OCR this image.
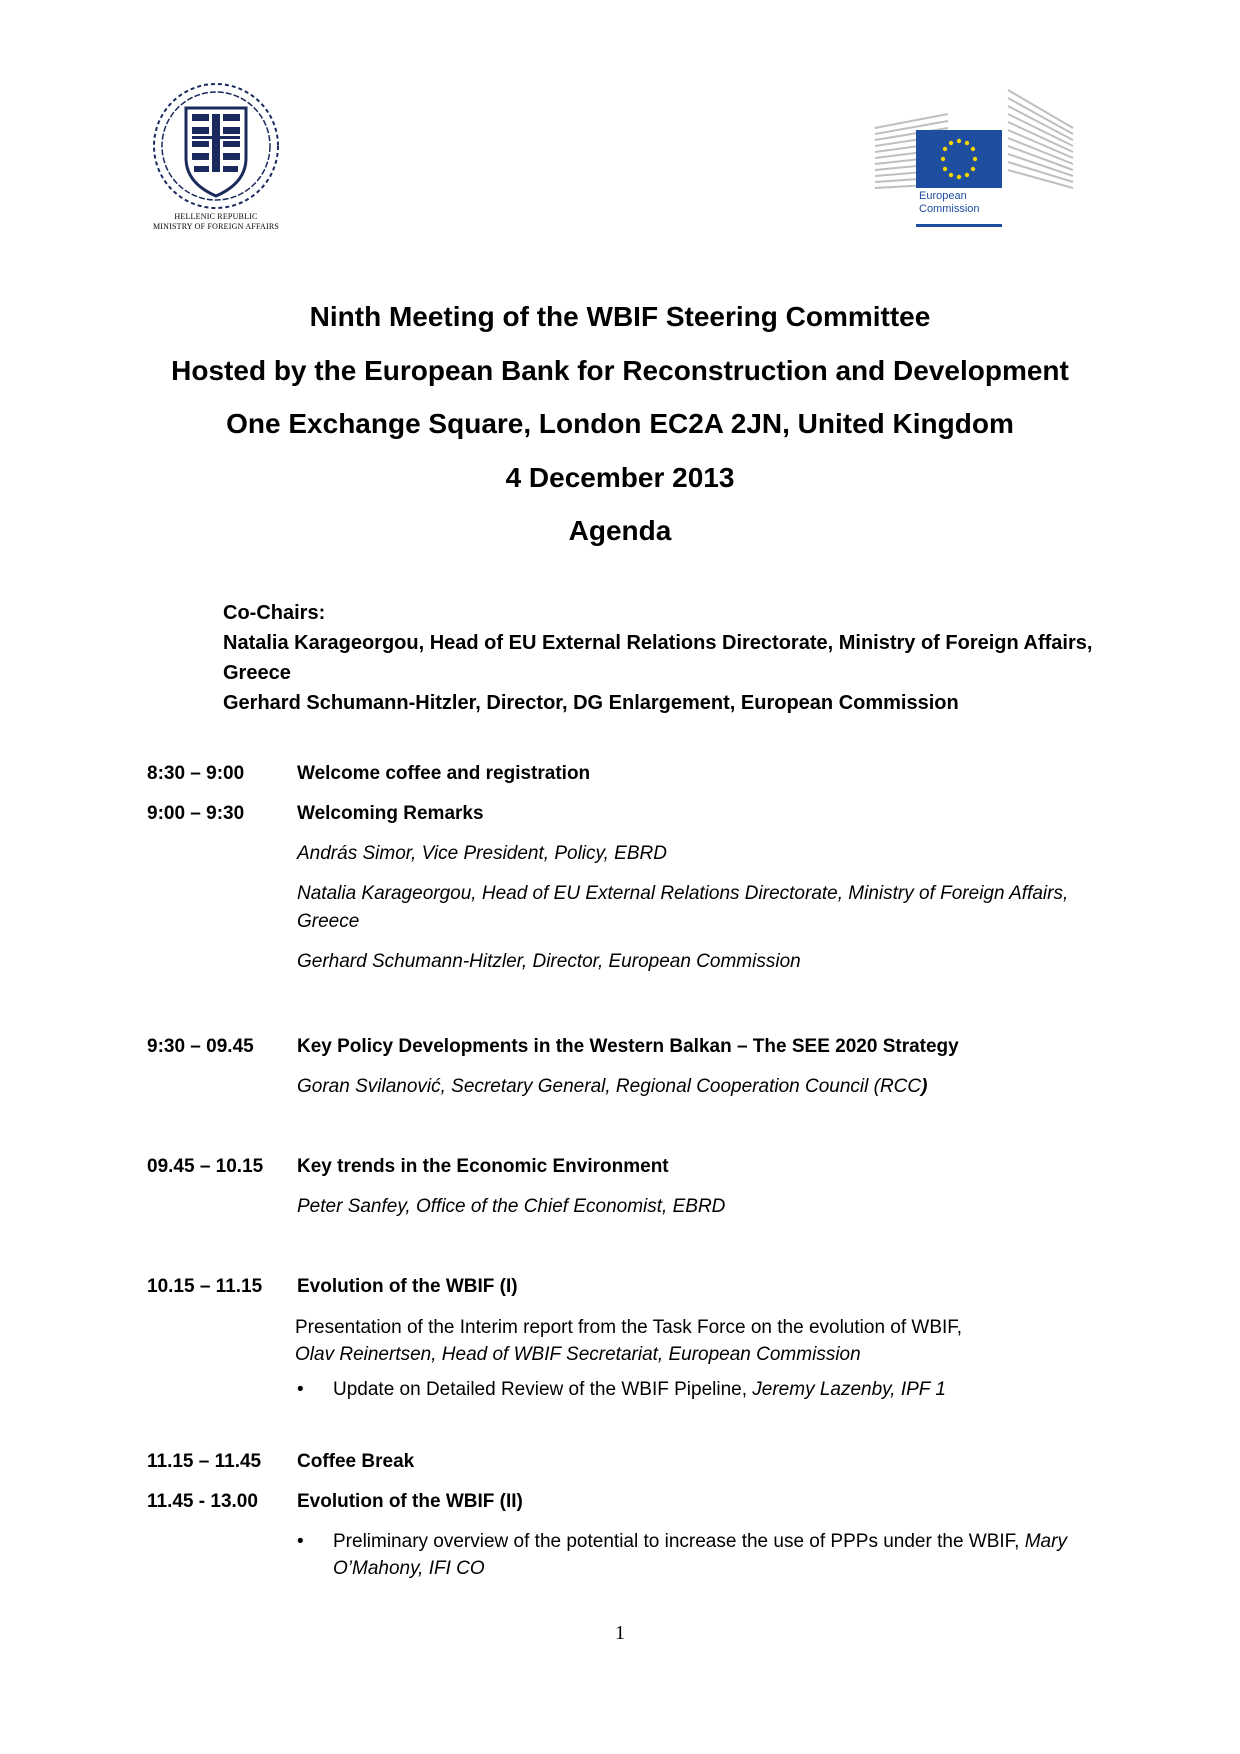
HELLENIC REPUBLIC
MINISTRY OF FOREIGN AFFAIRS
European
Commission
Ninth Meeting of the WBIF Steering Committee
Hosted by the European Bank for Reconstruction and Development
One Exchange Square, London EC2A 2JN, United Kingdom
4 December 2013
Agenda
Co-Chairs:
Natalia Karageorgou, Head of EU External Relations Directorate, Ministry of Foreign Affairs, Greece
Gerhard Schumann-Hitzler, Director, DG Enlargement, European Commission
8:30 – 9:00	Welcome coffee and registration
9:00 – 9:30	Welcoming Remarks
András Simor, Vice President, Policy, EBRD
Natalia Karageorgou, Head of EU External Relations Directorate, Ministry of Foreign Affairs, Greece
Gerhard Schumann-Hitzler, Director, European Commission
9:30 – 09.45 Key Policy Developments in the Western Balkan – The SEE 2020 Strategy
Goran Svilanović, Secretary General, Regional Cooperation Council (RCC)
09.45 – 10.15 Key trends in the Economic Environment
Peter Sanfey, Office of the Chief Economist, EBRD
10.15 – 11.15 Evolution of the WBIF (I)
Presentation of the Interim report from the Task Force on the evolution of WBIF,
Olav Reinertsen, Head of WBIF Secretariat, European Commission
• Update on Detailed Review of the WBIF Pipeline, Jeremy Lazenby, IPF 1
11.15 – 11.45 Coffee Break
11.45 - 13.00 Evolution of the WBIF (II)
• Preliminary overview of the potential to increase the use of PPPs under the WBIF, Mary O’Mahony, IFI CO
1
